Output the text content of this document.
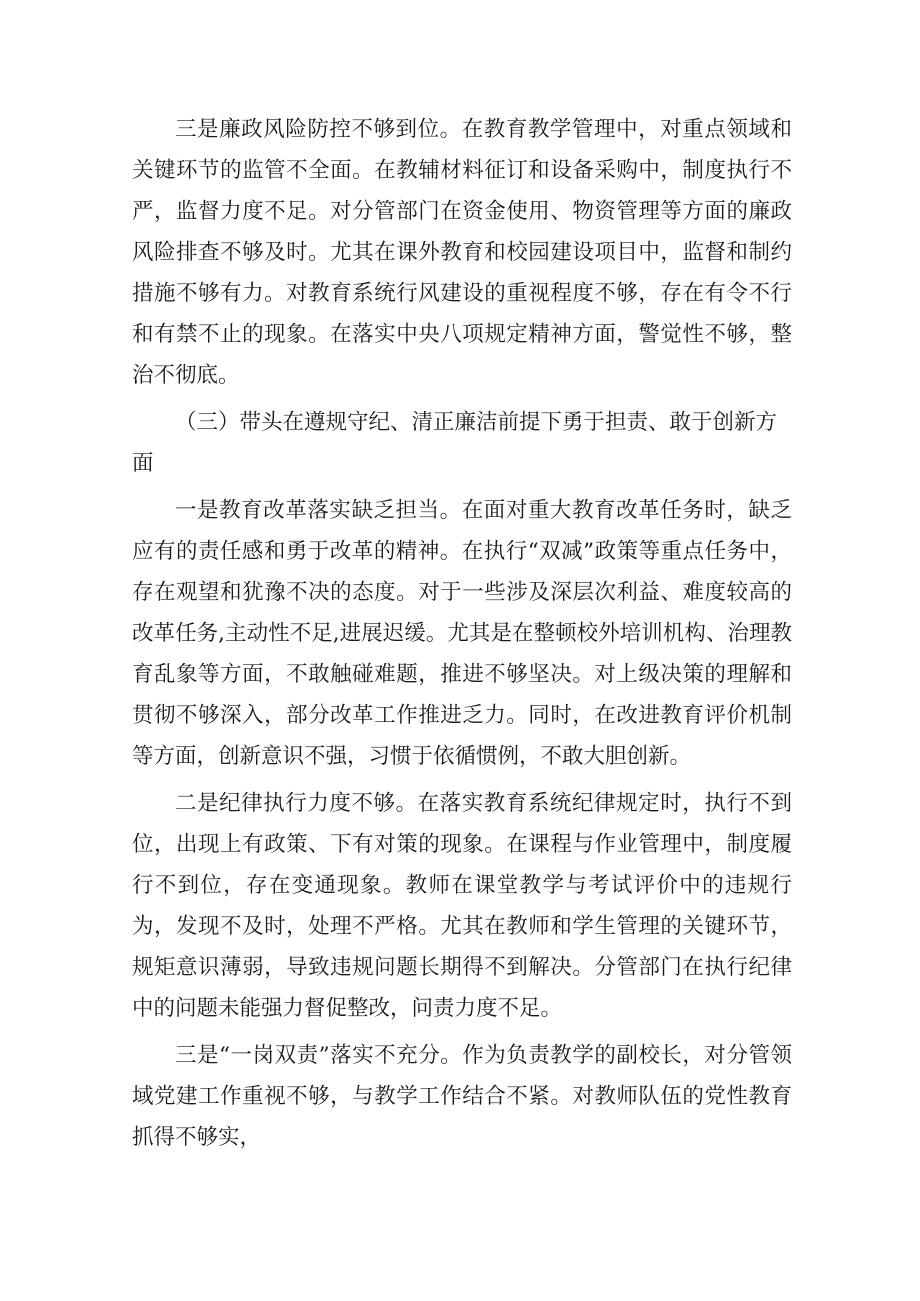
三是廉政风险防控不够到位。在教育教学管理中，对重点领域和关键环节的监管不全面。在教辅材料征订和设备采购中，制度执行不严，监督力度不足。对分管部门在资金使用、物资管理等方面的廉政风险排查不够及时。尤其在课外教育和校园建设项目中，监督和制约措施不够有力。对教育系统行风建设的重视程度不够，存在有令不行和有禁不止的现象。在落实中央八项规定精神方面，警觉性不够，整治不彻底。

（三）带头在遵规守纪、清正廉洁前提下勇于担责、敢于创新方面

一是教育改革落实缺乏担当。在面对重大教育改革任务时，缺乏应有的责任感和勇于改革的精神。在执行“双减”政策等重点任务中，存在观望和犹豫不决的态度。对于一些涉及深层次利益、难度较高的改革任务,主动性不足,进展迟缓。尤其是在整顿校外培训机构、治理教育乱象等方面，不敢触碰难题，推进不够坚决。对上级决策的理解和贯彻不够深入，部分改革工作推进乏力。同时，在改进教育评价机制等方面，创新意识不强，习惯于依循惯例，不敢大胆创新。

二是纪律执行力度不够。在落实教育系统纪律规定时，执行不到位，出现上有政策、下有对策的现象。在课程与作业管理中，制度履行不到位，存在变通现象。教师在课堂教学与考试评价中的违规行为，发现不及时，处理不严格。尤其在教师和学生管理的关键环节，规矩意识薄弱，导致违规问题长期得不到解决。分管部门在执行纪律中的问题未能强力督促整改，问责力度不足。

三是“一岗双责”落实不充分。作为负责教学的副校长，对分管领域党建工作重视不够，与教学工作结合不紧。对教师队伍的党性教育抓得不够实，
